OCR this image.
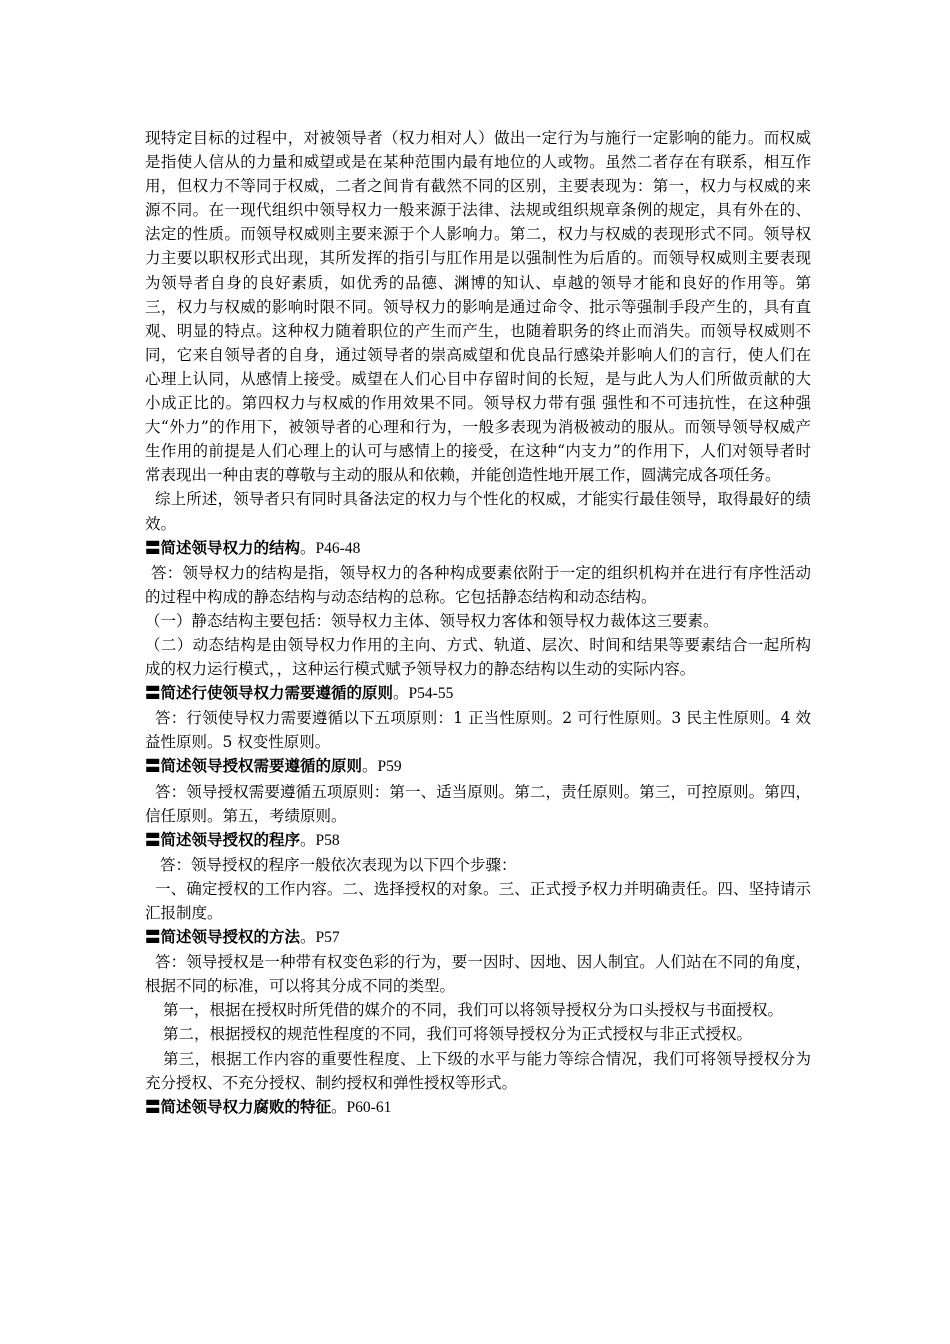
现特定目标的过程中，对被领导者（权力相对人）做出一定行为与施行一定影响的能力。而权威是指使人信从的力量和威望或是在某种范围内最有地位的人或物。虽然二者存在有联系，相互作用，但权力不等同于权威，二者之间肯有截然不同的区别，主要表现为：第一，权力与权威的来源不同。在一现代组织中领导权力一般来源于法律、法规或组织规章条例的规定，具有外在的、法定的性质。而领导权威则主要来源于个人影响力。第二，权力与权威的表现形式不同。领导权力主要以职权形式出现，其所发挥的指引与肛作用是以强制性为后盾的。而领导权威则主要表现为领导者自身的良好素质，如优秀的品德、渊博的知认、卓越的领导才能和良好的作用等。第三，权力与权威的影响时限不同。领导权力的影响是通过命令、批示等强制手段产生的，具有直观、明显的特点。这种权力随着职位的产生而产生，也随着职务的终止而消失。而领导权威则不同，它来自领导者的自身，通过领导者的崇高威望和优良品行感染并影响人们的言行，使人们在心理上认同，从感情上接受。威望在人们心目中存留时间的长短，是与此人为人们所做贡献的大小成正比的。第四权力与权威的作用效果不同。领导权力带有强 强性和不可违抗性，在这种强大“外力”的作用下，被领导者的心理和行为，一般多表现为消极被动的服从。而领导领导权威产生作用的前提是人们心理上的认可与感情上的接受，在这种“内支力”的作用下，人们对领导者时常表现出一种由衷的尊敬与主动的服从和依赖，并能创造性地开展工作，圆满完成各项任务。

综上所述，领导者只有同时具备法定的权力与个性化的权威，才能实行最佳领导，取得最好的绩效。

〓简述领导权力的结构。P46-48

答：领导权力的结构是指，领导权力的各种构成要素依附于一定的组织机构并在进行有序性活动的过程中构成的静态结构与动态结构的总称。它包括静态结构和动态结构。

（一）静态结构主要包括：领导权力主体、领导权力客体和领导权力裁体这三要素。

（二）动态结构是由领导权力作用的主向、方式、轨道、层次、时间和结果等要素结合一起所构成的权力运行模式，，这种运行模式赋予领导权力的静态结构以生动的实际内容。

〓简述行使领导权力需要遵循的原则。P54-55

答：行领使导权力需要遵循以下五项原则：1 正当性原则。2 可行性原则。3 民主性原则。4 效益性原则。5 权变性原则。

〓简述领导授权需要遵循的原则。P59

答：领导授权需要遵循五项原则：第一、适当原则。第二，责任原则。第三，可控原则。第四，信任原则。第五，考绩原则。

〓简述领导授权的程序。P58

答：领导授权的程序一般依次表现为以下四个步骤：

一、确定授权的工作内容。二、选择授权的对象。三、正式授予权力并明确责任。四、坚持请示汇报制度。

〓简述领导授权的方法。P57

答：领导授权是一种带有权变色彩的行为，要一因时、因地、因人制宜。人们站在不同的角度，根据不同的标准，可以将其分成不同的类型。

第一，根据在授权时所凭借的媒介的不同，我们可以将领导授权分为口头授权与书面授权。

第二，根据授权的规范性程度的不同，我们可将领导授权分为正式授权与非正式授权。

第三，根据工作内容的重要性程度、上下级的水平与能力等综合情况，我们可将领导授权分为充分授权、不充分授权、制约授权和弹性授权等形式。

〓简述领导权力腐败的特征。P60-61
